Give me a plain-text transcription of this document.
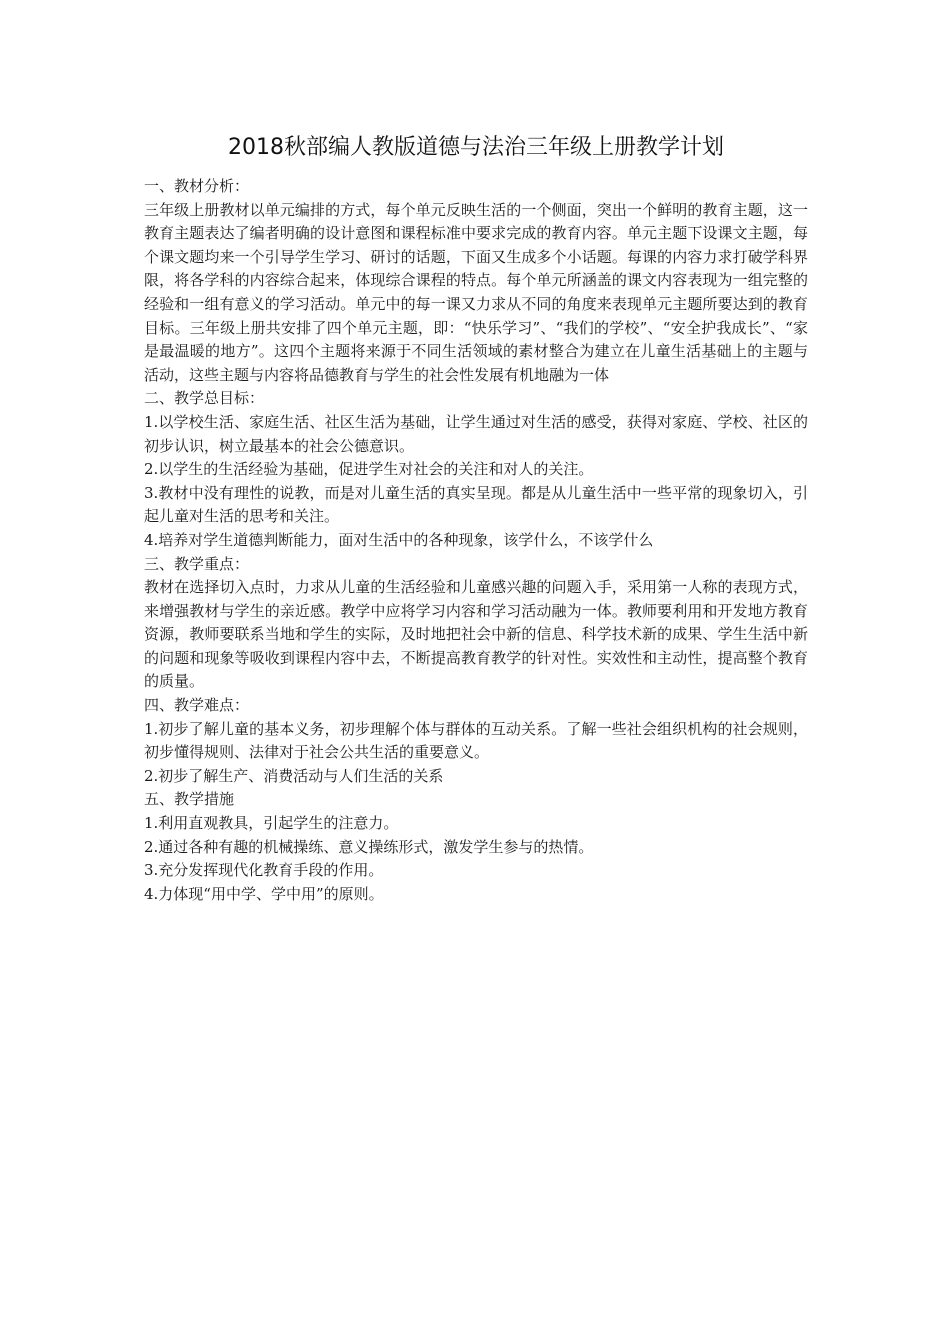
2018秋部编人教版道德与法治三年级上册教学计划

一、教材分析：

三年级上册教材以单元编排的方式，每个单元反映生活的一个侧面，突出一个鲜明的教育主题，这一教育主题表达了编者明确的设计意图和课程标准中要求完成的教育内容。单元主题下设课文主题，每个课文题均来一个引导学生学习、研讨的话题，下面又生成多个小话题。每课的内容力求打破学科界限，将各学科的内容综合起来，体现综合课程的特点。每个单元所涵盖的课文内容表现为一组完整的经验和一组有意义的学习活动。单元中的每一课又力求从不同的角度来表现单元主题所要达到的教育目标。三年级上册共安排了四个单元主题，即：“快乐学习”、“我们的学校”、“安全护我成长”、“家是最温暖的地方”。这四个主题将来源于不同生活领域的素材整合为建立在儿童生活基础上的主题与活动，这些主题与内容将品德教育与学生的社会性发展有机地融为一体

二、教学总目标：

1.以学校生活、家庭生活、社区生活为基础，让学生通过对生活的感受，获得对家庭、学校、社区的初步认识，树立最基本的社会公德意识。

2.以学生的生活经验为基础，促进学生对社会的关注和对人的关注。

3.教材中没有理性的说教，而是对儿童生活的真实呈现。都是从儿童生活中一些平常的现象切入，引起儿童对生活的思考和关注。

4.培养对学生道德判断能力，面对生活中的各种现象，该学什么，不该学什么

三、教学重点：

教材在选择切入点时，力求从儿童的生活经验和儿童感兴趣的问题入手，采用第一人称的表现方式，来增强教材与学生的亲近感。教学中应将学习内容和学习活动融为一体。教师要利用和开发地方教育资源，教师要联系当地和学生的实际，及时地把社会中新的信息、科学技术新的成果、学生生活中新的问题和现象等吸收到课程内容中去，不断提高教育教学的针对性。实效性和主动性，提高整个教育的质量。

四、教学难点：

1.初步了解儿童的基本义务，初步理解个体与群体的互动关系。了解一些社会组织机构的社会规则，初步懂得规则、法律对于社会公共生活的重要意义。

2.初步了解生产、消费活动与人们生活的关系

五、教学措施

1.利用直观教具，引起学生的注意力。

2.通过各种有趣的机械操练、意义操练形式，激发学生参与的热情。

3.充分发挥现代化教育手段的作用。

4.力体现“用中学、学中用”的原则。
